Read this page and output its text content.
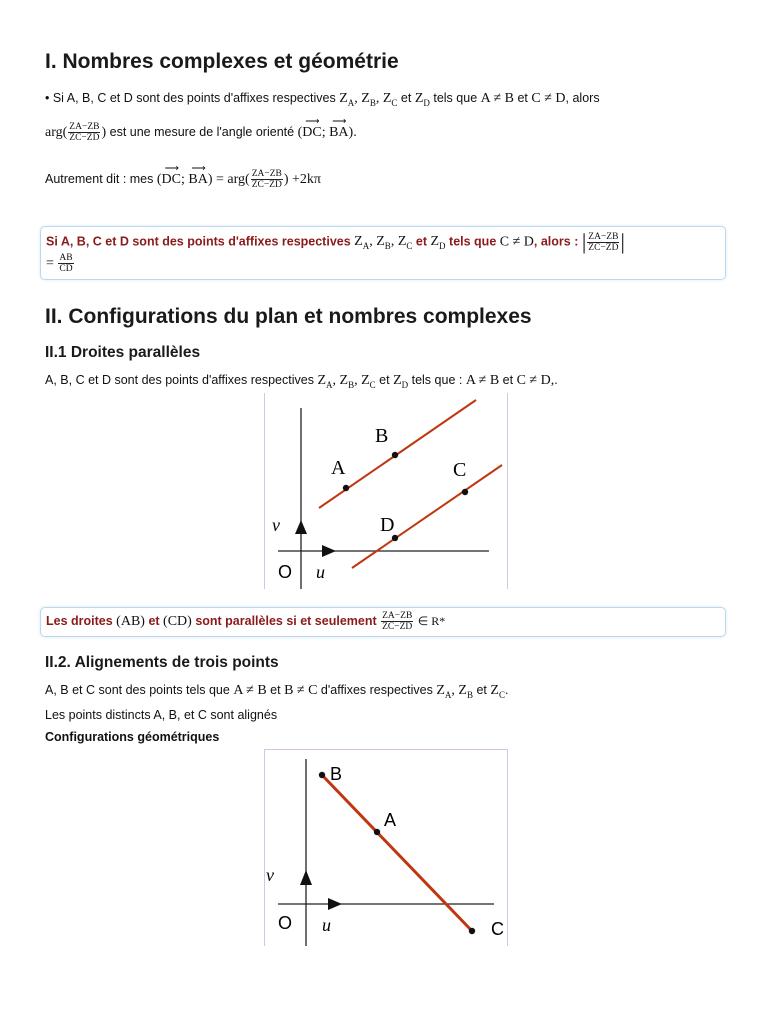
I. Nombres complexes et géométrie
• Si A, B, C et D sont des points d'affixes respectives $Z_A$, $Z_B$, $Z_C$ et $Z_D$ tels que A ≠ B et C ≠ D, alors
$arg( \frac{ZA-ZB}{ZC-ZD}$ ) est une mesure de l'angle orienté (
⟶
DC;
⟶
BA).
Autrement dit : mes (
⟶
DC;
⟶
$BA) = arg( \frac{ZA-ZB}{ZC-ZD}$ ) +2kπ
Si A, B, C et D sont des points d'affixes respectives $Z_A$, $Z_B$, $Z_C$ et $Z_D$ tels que C ≠ D, alors : | $\frac{ZA-ZB}{ZC-ZD}$ |
= $\frac{AB}{CD}$
II. Configurations du plan et nombres complexes
II.1 Droites parallèles
A, B, C et D sont des points d'affixes respectives $Z_A$, $Z_B$, $Z_C$ et $Z_D$ tels que : A ≠ B et C ≠ D,.
A
B
C
D
O u⃗
v⃗
Les droites (AB) et (CD) sont parallèles si et seulement $\frac{ZA-ZB}{ZC-ZD}$ ∈ R*
II.2. Alignements de trois points
A, B et C sont des points tels que A ≠ B et B ≠ C d'affixes respectives $Z_A$, $Z_B$ et $Z_C$.
Les points distincts A, B, et C sont alignés
Configurations géométriques
B
A
C
O u⃗
v⃗
